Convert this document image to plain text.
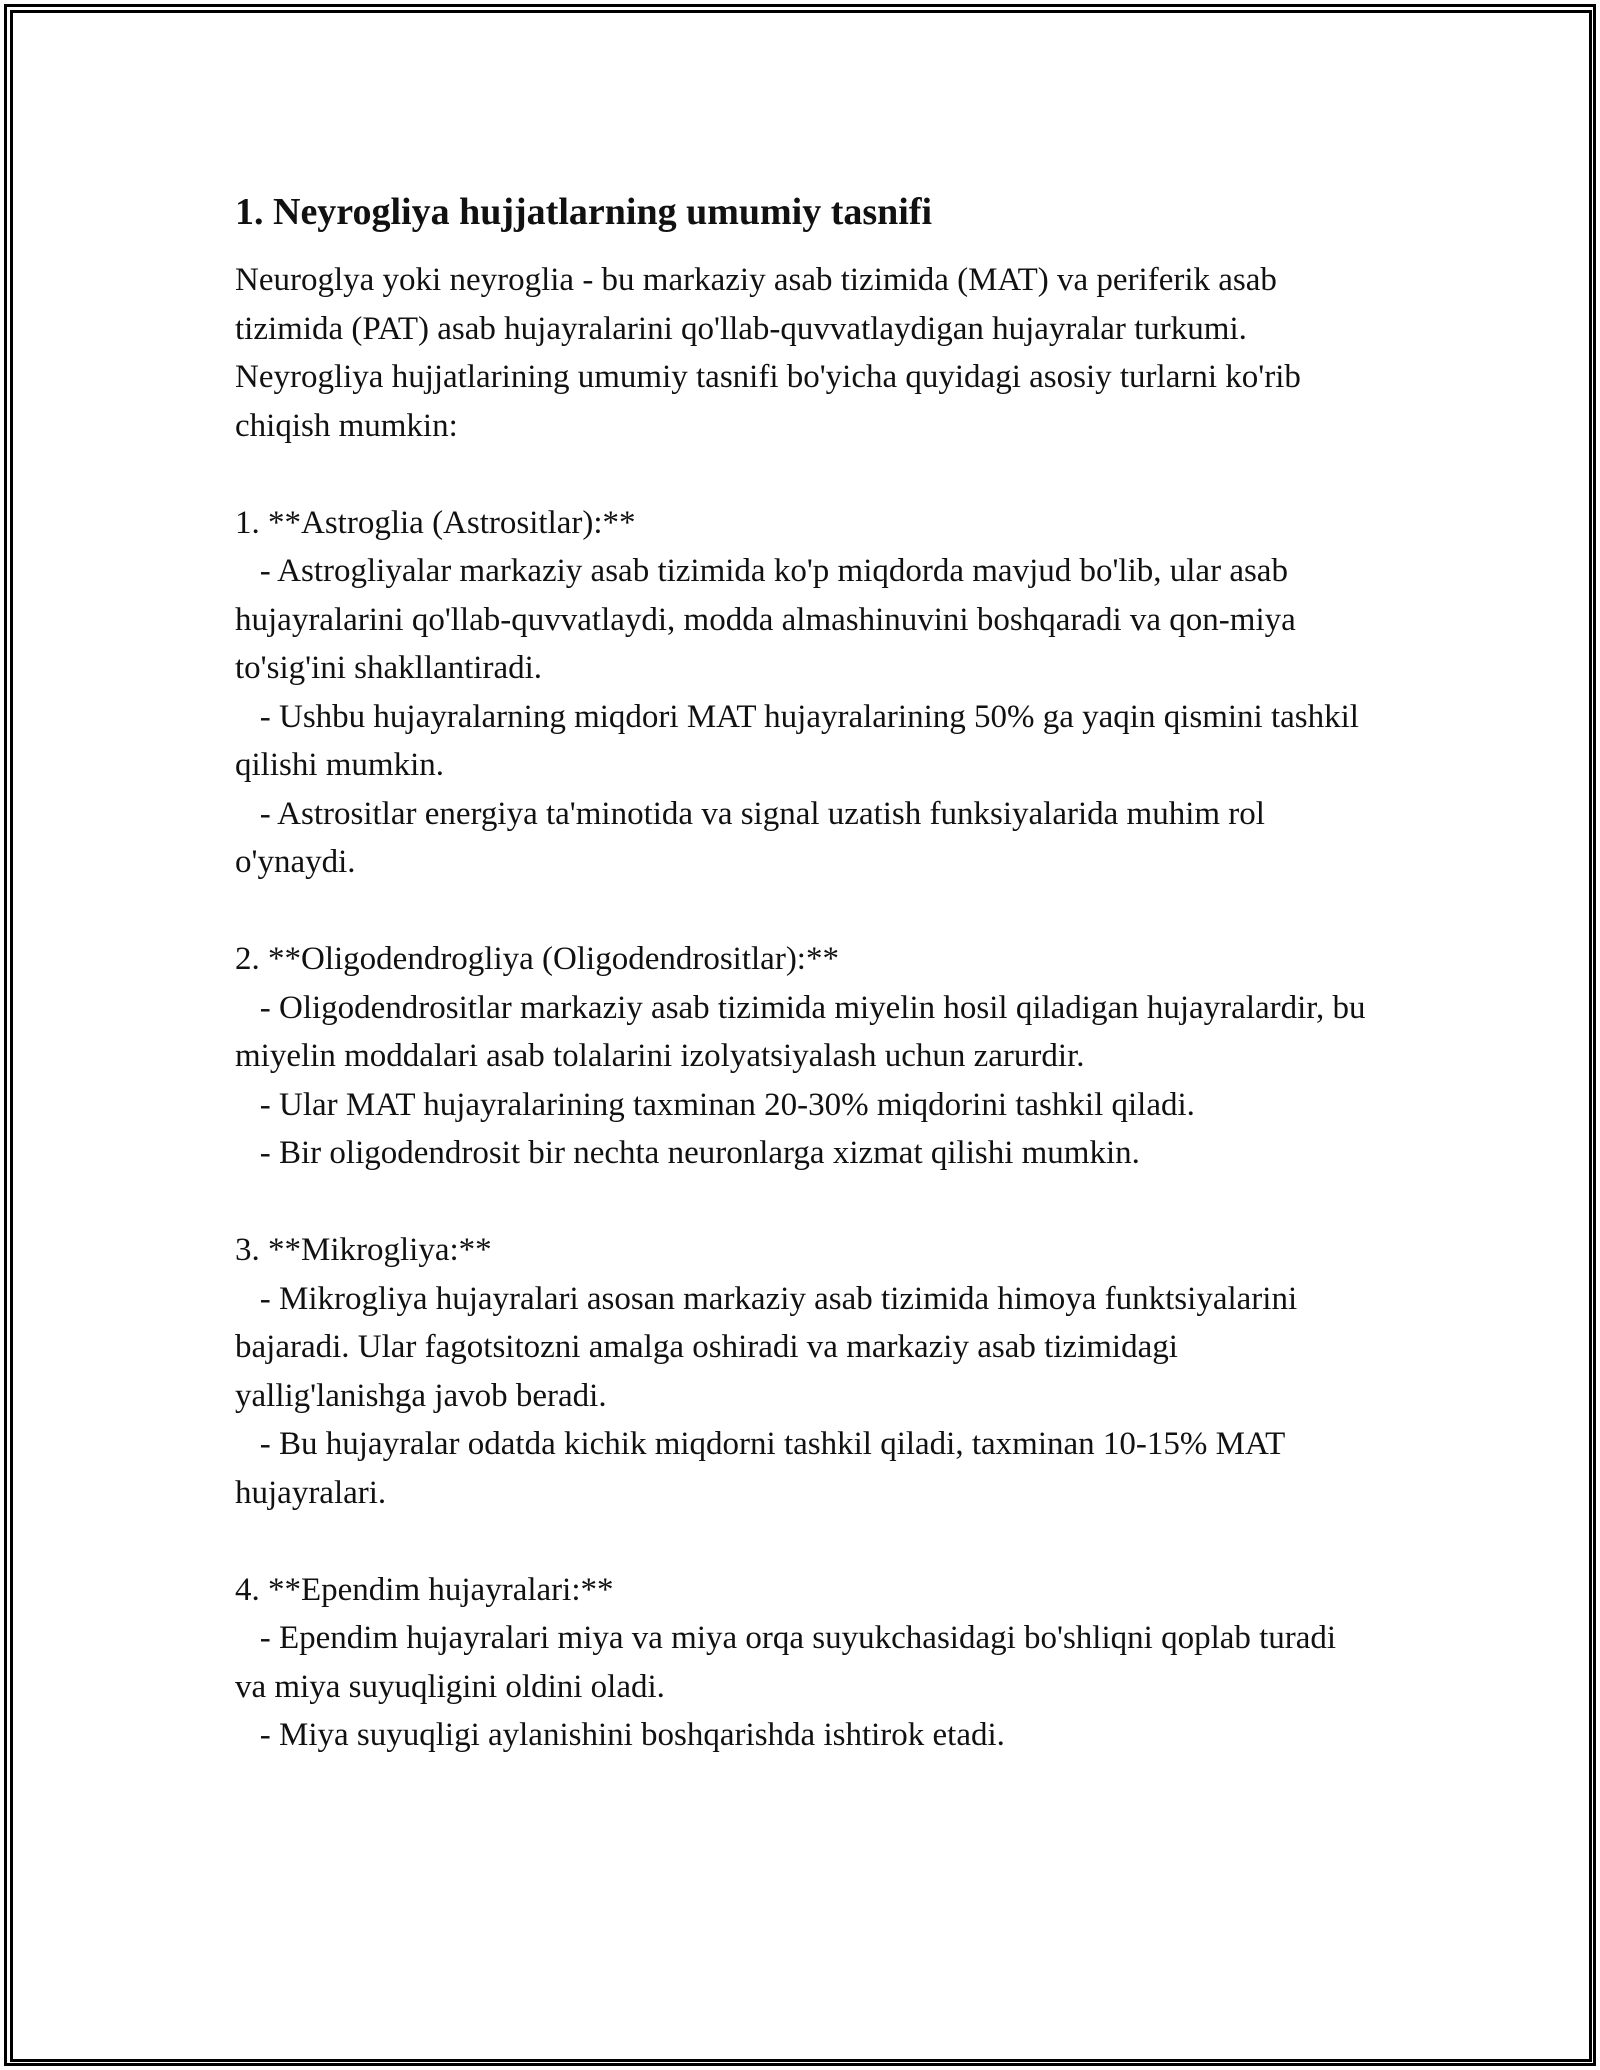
1. Neyrogliya hujjatlarning umumiy tasnifi

Neuroglya yoki neyroglia - bu markaziy asab tizimida (MAT) va periferik asab tizimida (PAT) asab hujayralarini qo'llab-quvvatlaydigan hujayralar turkumi. Neyrogliya hujjatlarining umumiy tasnifi bo'yicha quyidagi asosiy turlarni ko'rib chiqish mumkin:

1. **Astroglia (Astrositlar):**

- Astrogliyalar markaziy asab tizimida ko'p miqdorda mavjud bo'lib, ular asab hujayralarini qo'llab-quvvatlaydi, modda almashinuvini boshqaradi va qon-miya to'sig'ini shakllantiradi.

- Ushbu hujayralarning miqdori MAT hujayralarining 50% ga yaqin qismini tashkil qilishi mumkin.

- Astrositlar energiya ta'minotida va signal uzatish funksiyalarida muhim rol o'ynaydi.

2. **Oligodendrogliya (Oligodendrositlar):**

- Oligodendrositlar markaziy asab tizimida miyelin hosil qiladigan hujayralardir, bu miyelin moddalari asab tolalarini izolyatsiyalash uchun zarurdir.

- Ular MAT hujayralarining taxminan 20-30% miqdorini tashkil qiladi.

- Bir oligodendrosit bir nechta neuronlarga xizmat qilishi mumkin.

3. **Mikrogliya:**

- Mikrogliya hujayralari asosan markaziy asab tizimida himoya funktsiyalarini bajaradi. Ular fagotsitozni amalga oshiradi va markaziy asab tizimidagi yallig'lanishga javob beradi.

- Bu hujayralar odatda kichik miqdorni tashkil qiladi, taxminan 10-15% MAT hujayralari.

4. **Ependim hujayralari:**

- Ependim hujayralari miya va miya orqa suyukchasidagi bo'shliqni qoplab turadi va miya suyuqligini oldini oladi.

- Miya suyuqligi aylanishini boshqarishda ishtirok etadi.
